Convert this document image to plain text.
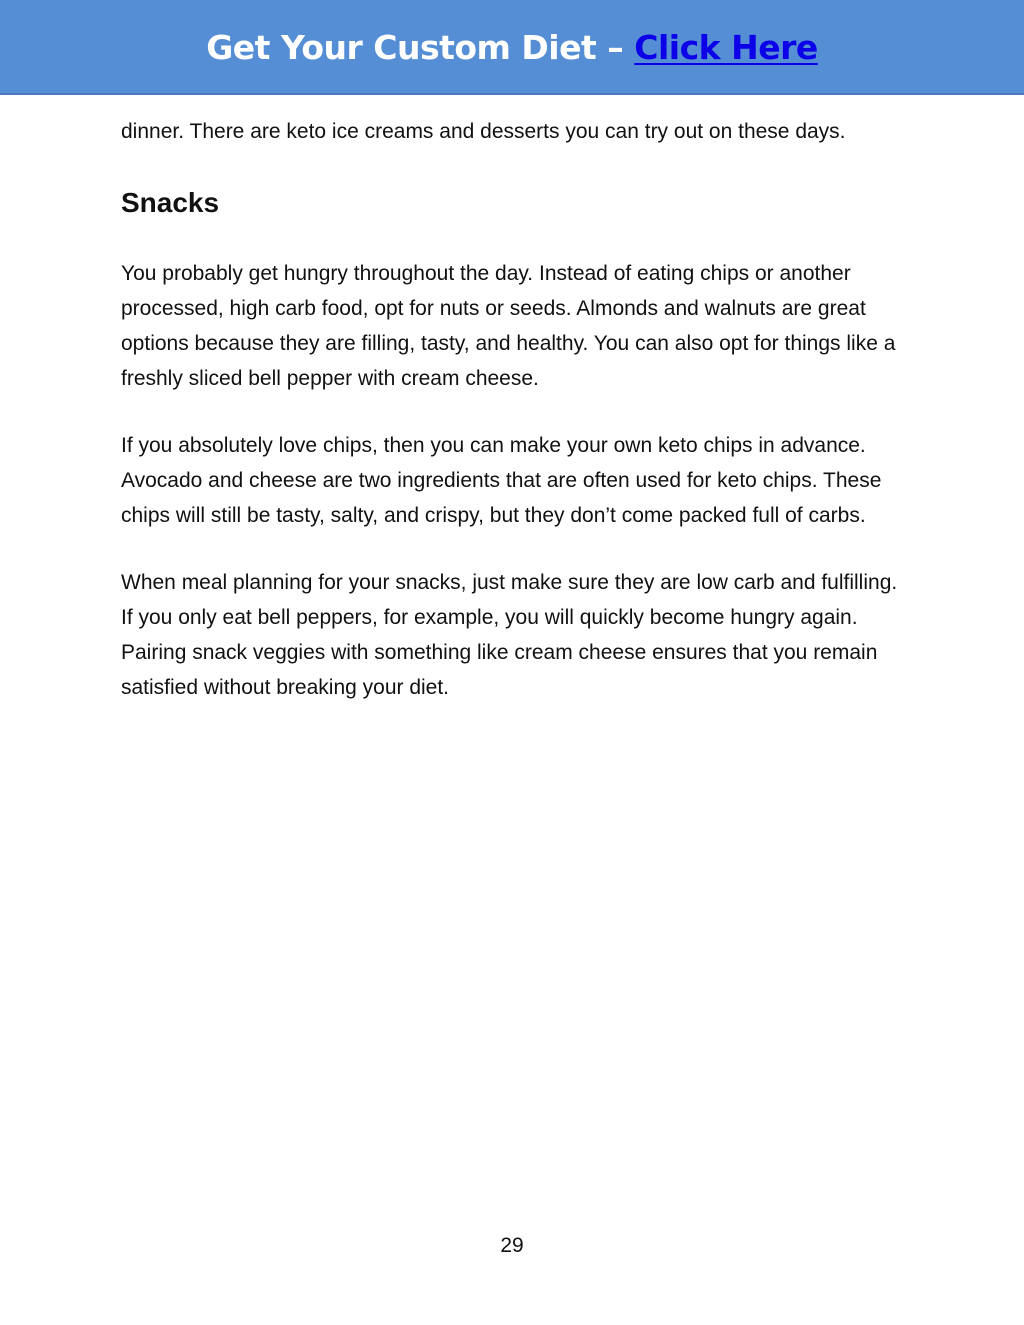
Get Your Custom Diet – Click Here

dinner. There are keto ice creams and desserts you can try out on these days.

Snacks

You probably get hungry throughout the day. Instead of eating chips or another processed, high carb food, opt for nuts or seeds. Almonds and walnuts are great options because they are filling, tasty, and healthy. You can also opt for things like a freshly sliced bell pepper with cream cheese.

If you absolutely love chips, then you can make your own keto chips in advance. Avocado and cheese are two ingredients that are often used for keto chips. These chips will still be tasty, salty, and crispy, but they don’t come packed full of carbs.

When meal planning for your snacks, just make sure they are low carb and fulfilling. If you only eat bell peppers, for example, you will quickly become hungry again. Pairing snack veggies with something like cream cheese ensures that you remain satisfied without breaking your diet.

29
